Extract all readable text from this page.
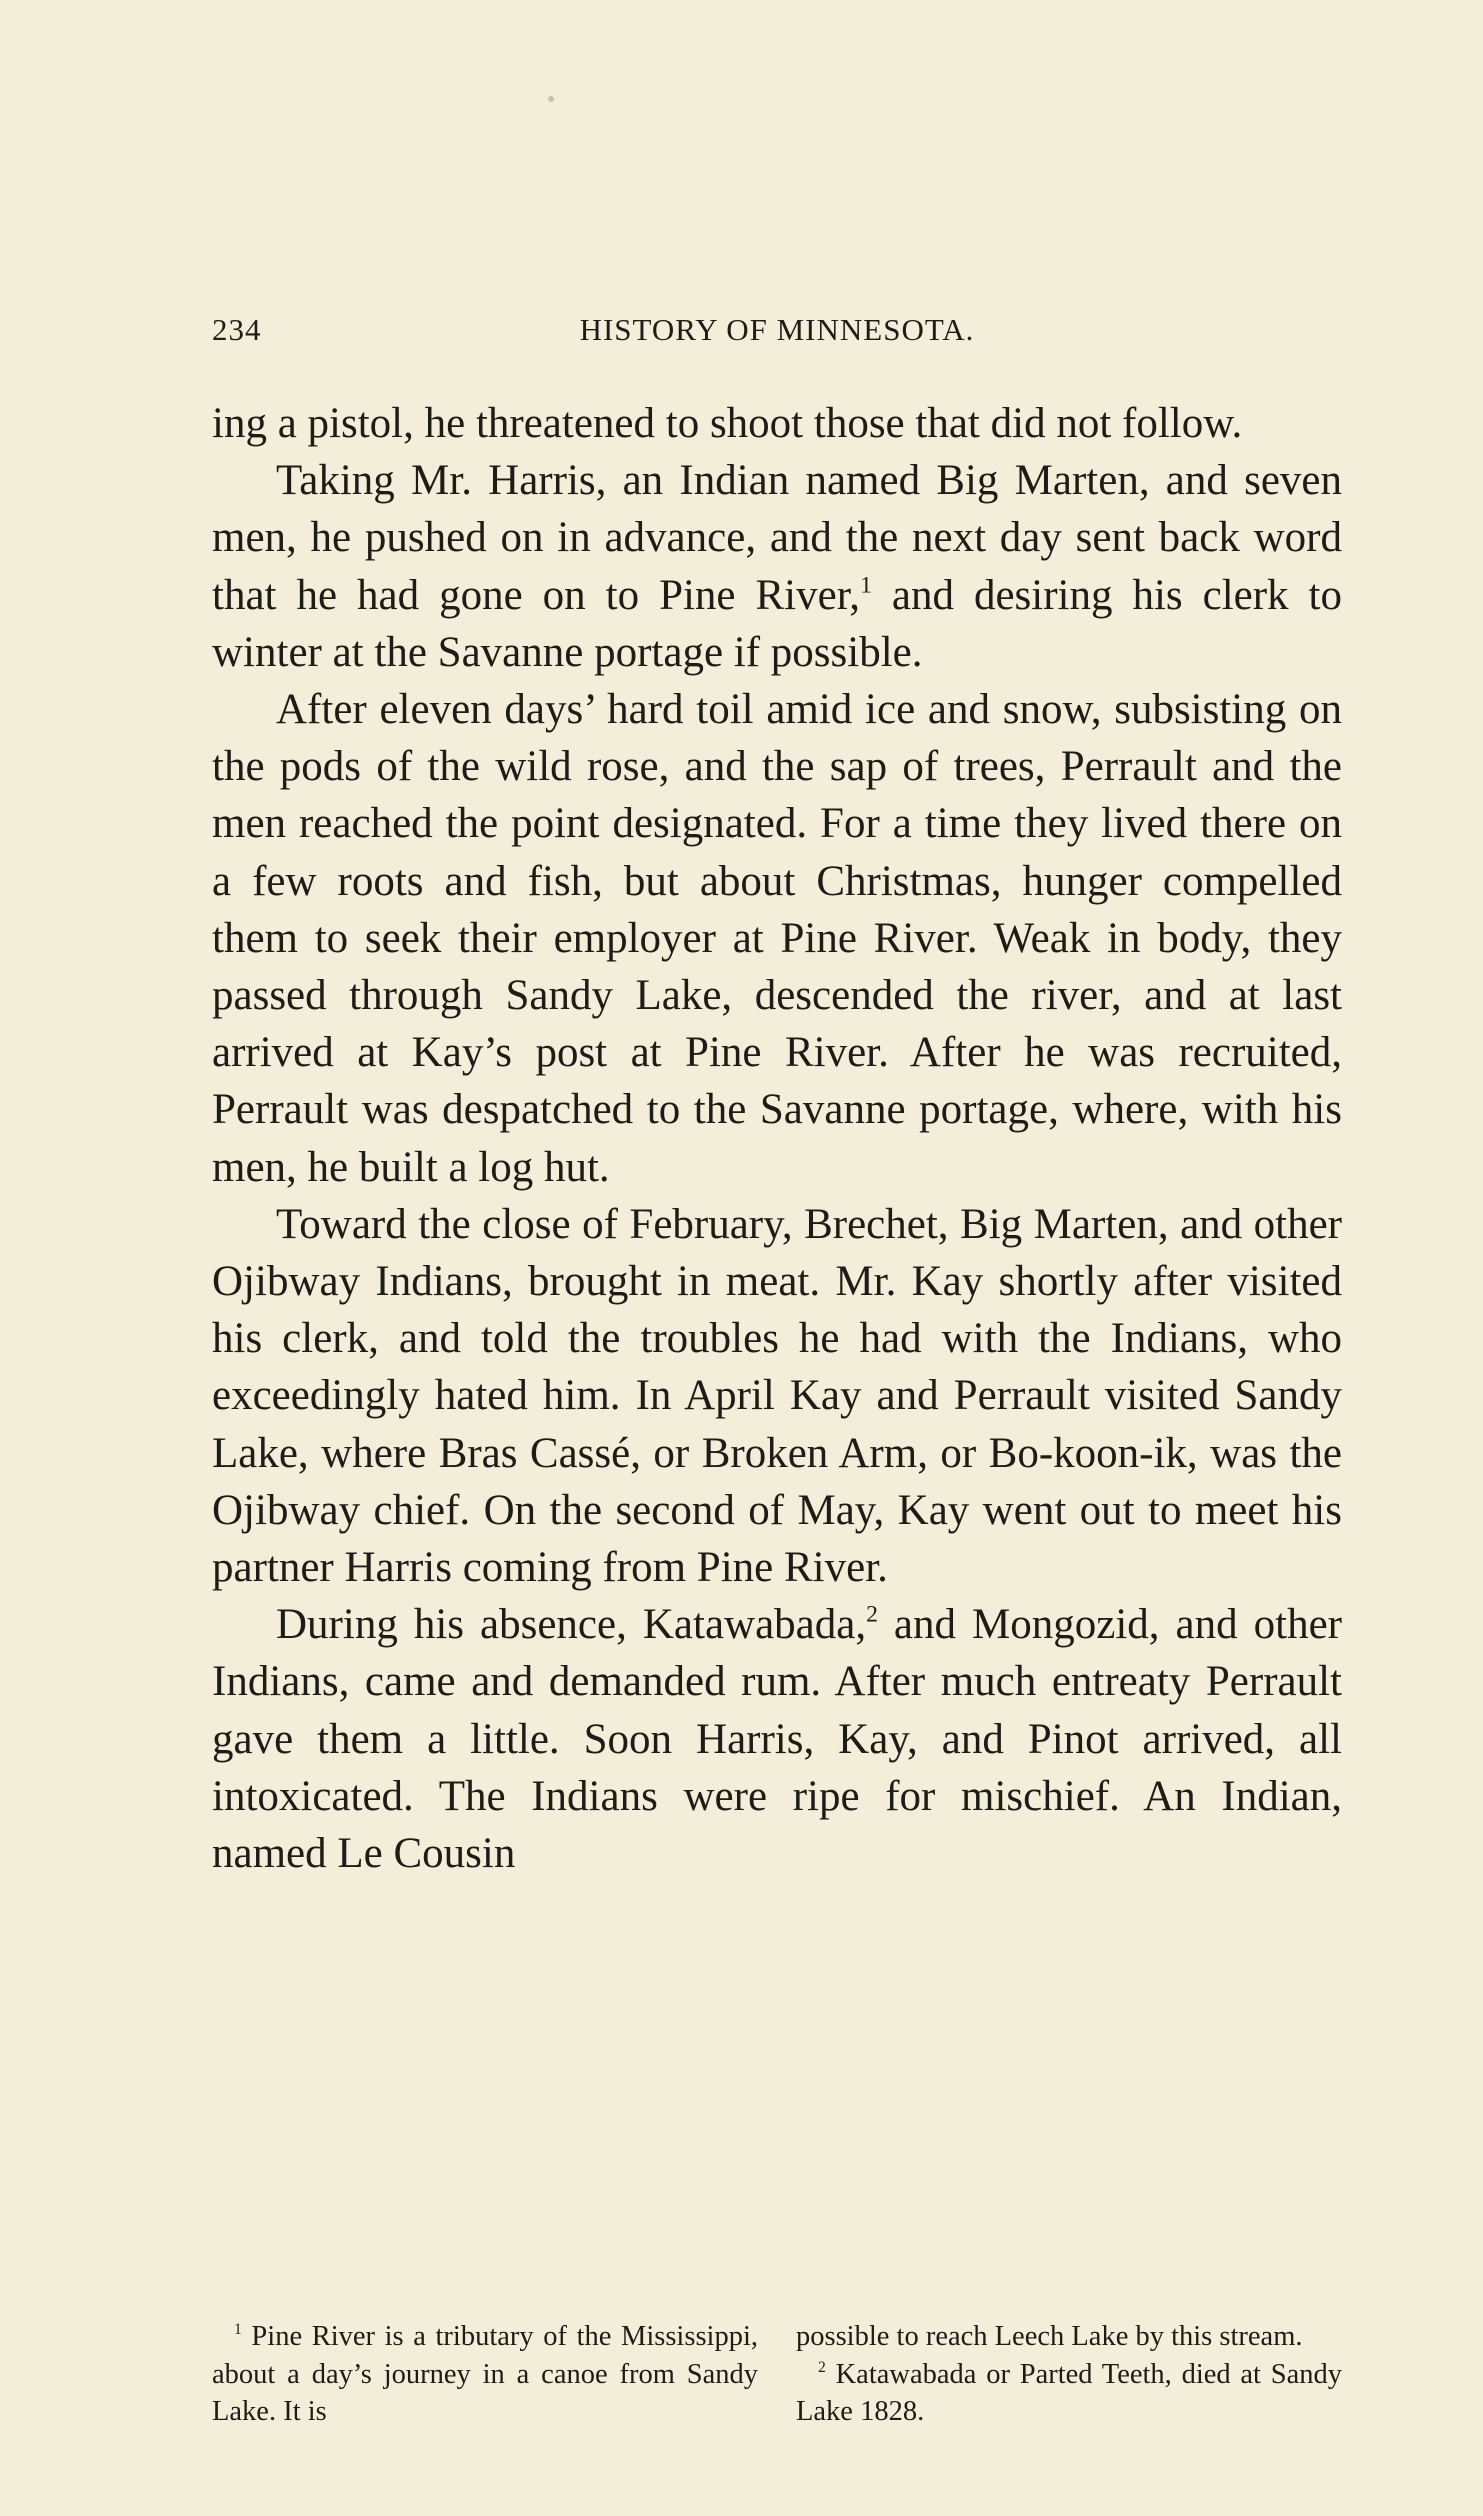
234	HISTORY OF MINNESOTA.

ing a pistol, he threatened to shoot those that did not follow.

Taking Mr. Harris, an Indian named Big Marten, and seven men, he pushed on in advance, and the next day sent back word that he had gone on to Pine River,$^1$ and desiring his clerk to winter at the Savanne portage if possible.

After eleven days’ hard toil amid ice and snow, subsisting on the pods of the wild rose, and the sap of trees, Perrault and the men reached the point designated. For a time they lived there on a few roots and fish, but about Christmas, hunger compelled them to seek their employer at Pine River. Weak in body, they passed through Sandy Lake, descended the river, and at last arrived at Kay’s post at Pine River. After he was recruited, Perrault was despatched to the Savanne portage, where, with his men, he built a log hut.

Toward the close of February, Brechet, Big Marten, and other Ojibway Indians, brought in meat. Mr. Kay shortly after visited his clerk, and told the troubles he had with the Indians, who exceedingly hated him. In April Kay and Perrault visited Sandy Lake, where Bras Cassé, or Broken Arm, or Bo-koon-ik, was the Ojibway chief. On the second of May, Kay went out to meet his partner Harris coming from Pine River.

During his absence, Katawabada,$^2$ and Mongozid, and other Indians, came and demanded rum. After much entreaty Perrault gave them a little. Soon Harris, Kay, and Pinot arrived, all intoxicated. The Indians were ripe for mischief. An Indian, named Le Cousin

$^1$ Pine River is a tributary of the Mississippi, about a day’s journey in a canoe from Sandy Lake. It is

possible to reach Leech Lake by this stream.

$^2$ Katawabada or Parted Teeth, died at Sandy Lake 1828.
